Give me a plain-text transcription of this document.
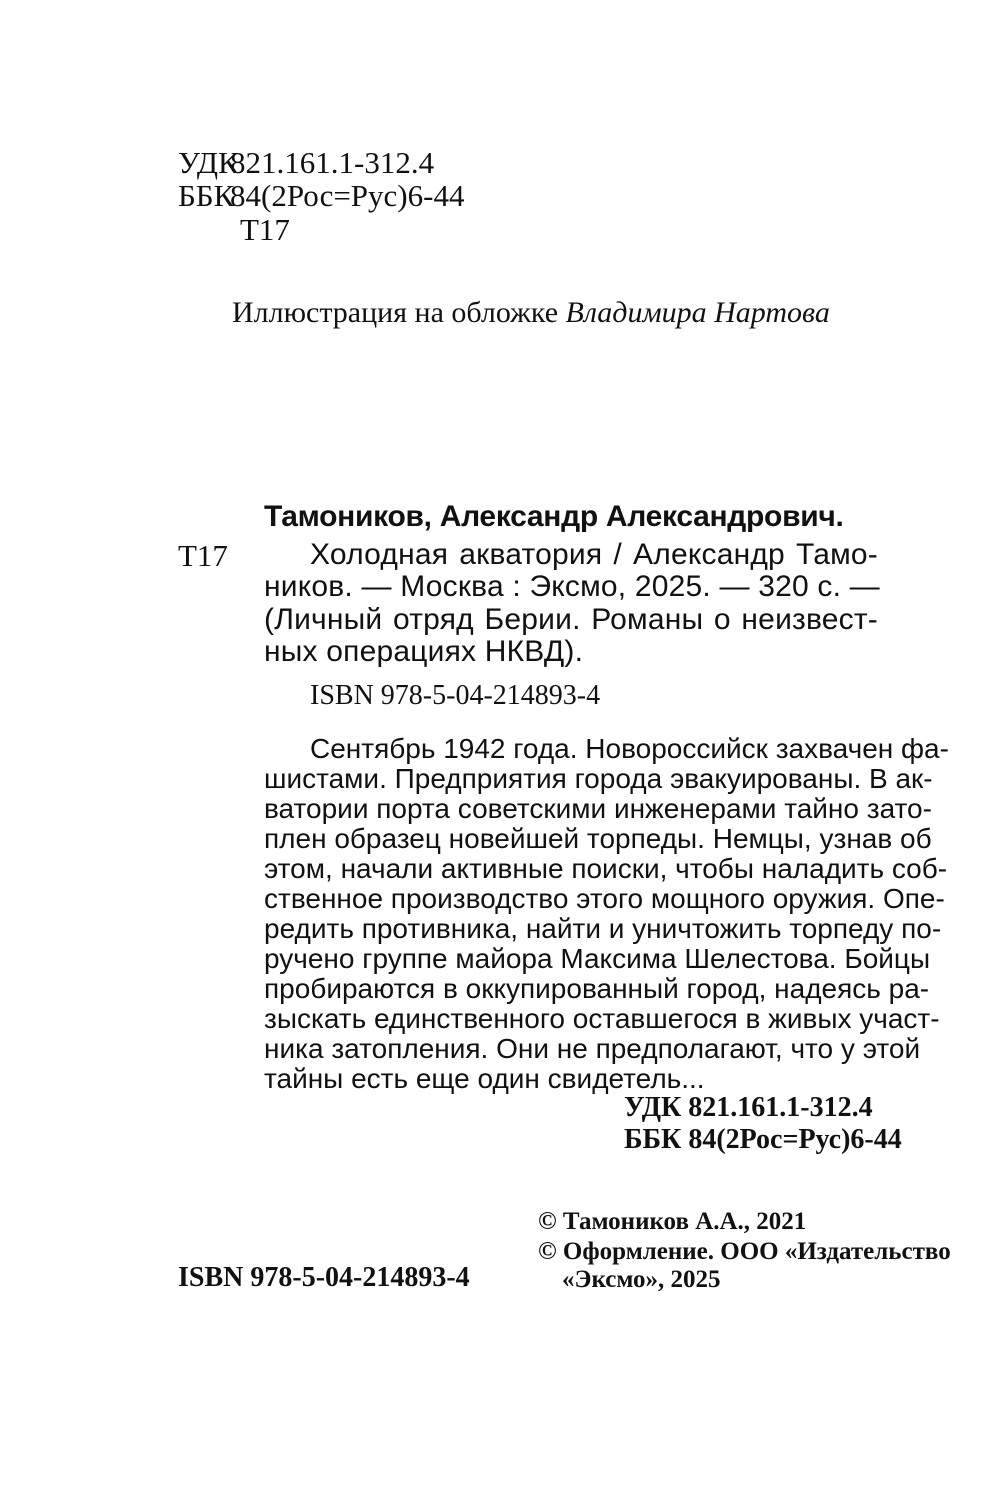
УДК821.161.1-312.4
ББК84(2Рос=Рус)6-44
Т17
Иллюстрация на обложке Владимира Нартова
Тамоников, Александр Александрович.
Т17	Холодная акватория / Александр Тамо-
ников. — Москва : Эксмо, 2025. — 320 с. —
(Личный отряд Берии. Романы о неизвест-
ных операциях НКВД).
ISBN 978-5-04-214893-4
Сентябрь 1942 года. Новороссийск захвачен фа-
шистами. Предприятия города эвакуированы. В ак-
ватории порта советскими инженерами тайно зато-
плен образец новейшей торпеды. Немцы, узнав об
этом, начали активные поиски, чтобы наладить соб-
ственное производство этого мощного оружия. Опе-
редить противника, найти и уничтожить торпеду по-
ручено группе майора Максима Шелестова. Бойцы
пробираются в оккупированный город, надеясь ра-
зыскать единственного оставшегося в живых участ-
ника затопления. Они не предполагают, что у этой
тайны есть еще один свидетель...
УДК 821.161.1-312.4
ББК 84(2Рос=Рус)6-44
© Тамоников А.А., 2021
© Оформление. ООО «Издательство
«Эксмо», 2025
ISBN 978-5-04-214893-4
